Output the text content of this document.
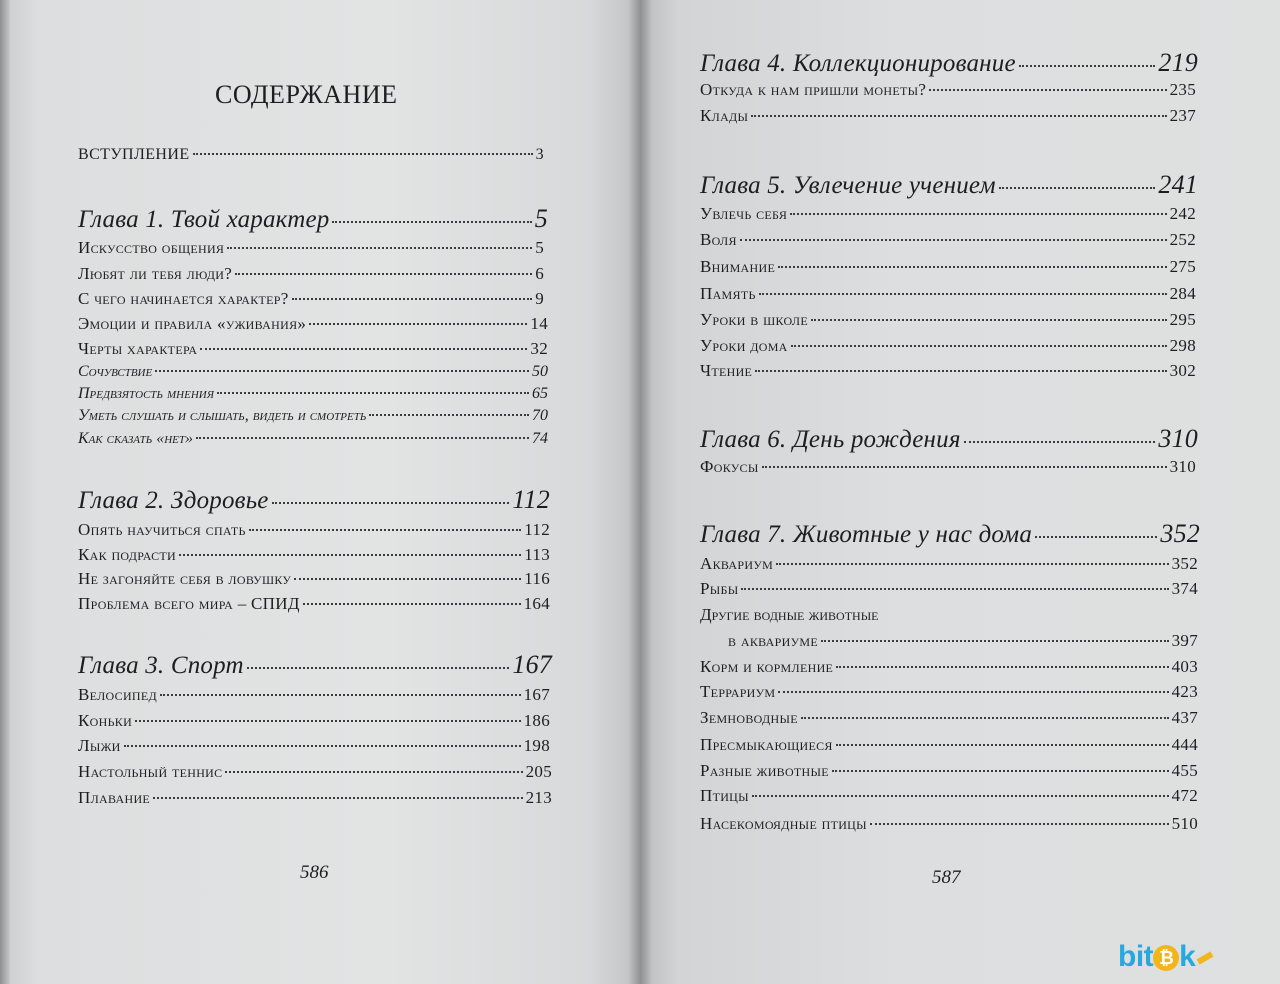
СОДЕРЖАНИЕ
ВСТУПЛЕНИЕ	3
Глава 1. Твой характер	5
Искусство общения	5
Любят ли тебя люди?	6
С чего начинается характер?	9
Эмоции и правила «уживания»	14
Черты характера	32
Сочувствие	50
Предвзятость мнения	65
Уметь слушать и слышать, видеть и смотреть	70
Как сказать «нет»	74
Глава 2. Здоровье	112
Опять научиться спать	112
Как подрасти	113
Не загоняйте себя в ловушку	116
Проблема всего мира – СПИД	164
Глава 3. Спорт	167
Велосипед	167
Коньки	186
Лыжи	198
Настольный теннис	205
Плавание	213
586
Глава 4. Коллекционирование	219
Откуда к нам пришли монеты?	235
Клады	237
Глава 5. Увлечение учением	241
Увлечь себя	242
Воля	252
Внимание	275
Память	284
Уроки в школе	295
Уроки дома	298
Чтение	302
Глава 6. День рождения	310
Фокусы	310
Глава 7. Животные у нас дома	352
Аквариум	352
Рыбы	374
Другие водные животные
в аквариуме	397
Корм и кормление	403
Террариум	423
Земноводные	437
Пресмыкающиеся	444
Разные животные	455
Птицы	472
Насекомоядные птицы	510
587
bit ₿ k
